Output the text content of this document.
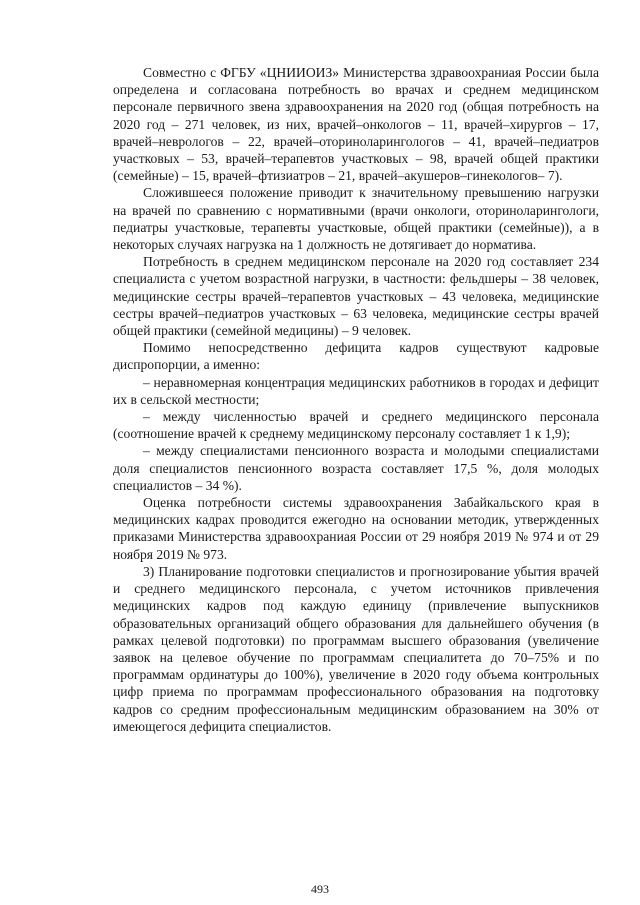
Совместно с ФГБУ «ЦНИИОИЗ» Министерства здравоохраниая России была определена и согласована потребность во врачах и среднем медицинском персонале первичного звена здравоохранения на 2020 год (общая потребность на 2020 год – 271 человек, из них, врачей–онкологов – 11, врачей–хирургов – 17, врачей–неврологов – 22, врачей–оториноларингологов – 41, врачей–педиатров участковых – 53, врачей–терапевтов участковых – 98, врачей общей практики (семейные) – 15, врачей–фтизиатров – 21, врачей–акушеров–гинекологов– 7).

Сложившееся положение приводит к значительному превышению нагрузки на врачей по сравнению с нормативными (врачи онкологи, оториноларингологи, педиатры участковые, терапевты участковые, общей практики (семейные)), а в некоторых случаях нагрузка на 1 должность не дотягивает до норматива.

Потребность в среднем медицинском персонале на 2020 год составляет 234 специалиста с учетом возрастной нагрузки, в частности: фельдшеры – 38 человек, медицинские сестры врачей–терапевтов участковых – 43 человека, медицинские сестры врачей–педиатров участковых – 63 человека, медицинские сестры врачей общей практики (семейной медицины) – 9 человек.

Помимо непосредственно дефицита кадров существуют кадровые диспропорции, а именно:

– неравномерная концентрация медицинских работников в городах и дефицит их в сельской местности;

– между численностью врачей и среднего медицинского персонала (соотношение врачей к среднему медицинскому персоналу составляет 1 к 1,9);

– между специалистами пенсионного возраста и молодыми специалистами доля специалистов пенсионного возраста составляет 17,5 %, доля молодых специалистов – 34 %).

Оценка потребности системы здравоохранения Забайкальского края в медицинских кадрах проводится ежегодно на основании методик, утвержденных приказами Министерства здравоохраниая России от 29 ноября 2019 № 974 и от 29 ноября 2019 № 973.

3) Планирование подготовки специалистов и прогнозирование убытия врачей и среднего медицинского персонала, с учетом источников привлечения медицинских кадров под каждую единицу (привлечение выпускников образовательных организаций общего образования для дальнейшего обучения (в рамках целевой подготовки) по программам высшего образования (увеличение заявок на целевое обучение по программам специалитета до 70–75% и по программам ординатуры до 100%), увеличение в 2020 году объема контрольных цифр приема по программам профессионального образования на подготовку кадров со средним профессиональным медицинским образованием на 30% от имеющегося дефицита специалистов.

493
